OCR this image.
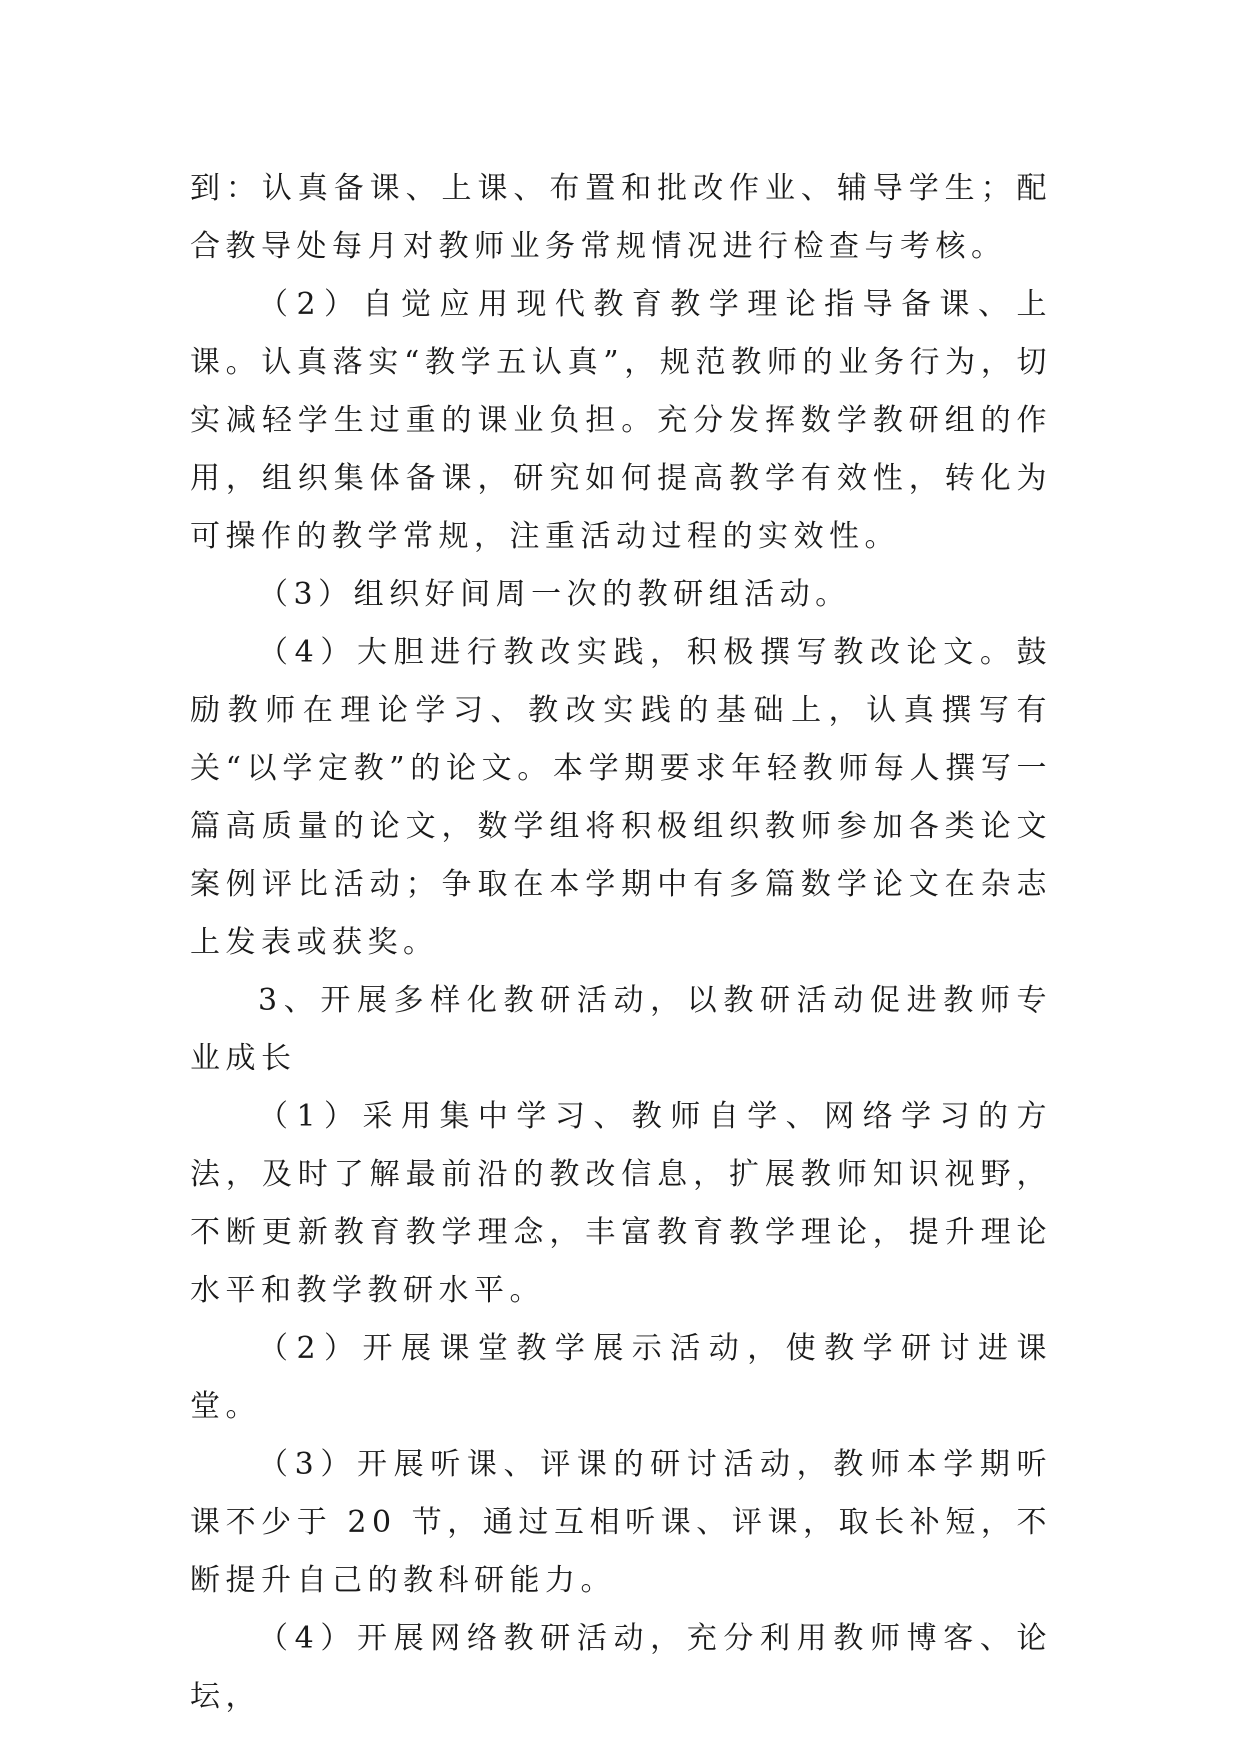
到：认真备课、上课、布置和批改作业、辅导学生；配合教导处每月对教师业务常规情况进行检查与考核。

（2）自觉应用现代教育教学理论指导备课、上课。认真落实“教学五认真”，规范教师的业务行为，切实减轻学生过重的课业负担。充分发挥数学教研组的作用，组织集体备课，研究如何提高教学有效性，转化为可操作的教学常规，注重活动过程的实效性。

（3）组织好间周一次的教研组活动。

（4）大胆进行教改实践，积极撰写教改论文。鼓励教师在理论学习、教改实践的基础上，认真撰写有关“以学定教”的论文。本学期要求年轻教师每人撰写一篇高质量的论文，数学组将积极组织教师参加各类论文案例评比活动；争取在本学期中有多篇数学论文在杂志上发表或获奖。

3、开展多样化教研活动，以教研活动促进教师专业成长

（1）采用集中学习、教师自学、网络学习的方法，及时了解最前沿的教改信息，扩展教师知识视野，不断更新教育教学理念，丰富教育教学理论，提升理论水平和教学教研水平。

（2）开展课堂教学展示活动，使教学研讨进课堂。

（3）开展听课、评课的研讨活动，教师本学期听课不少于 20 节，通过互相听课、评课，取长补短，不断提升自己的教科研能力。

（4）开展网络教研活动，充分利用教师博客、论坛，
